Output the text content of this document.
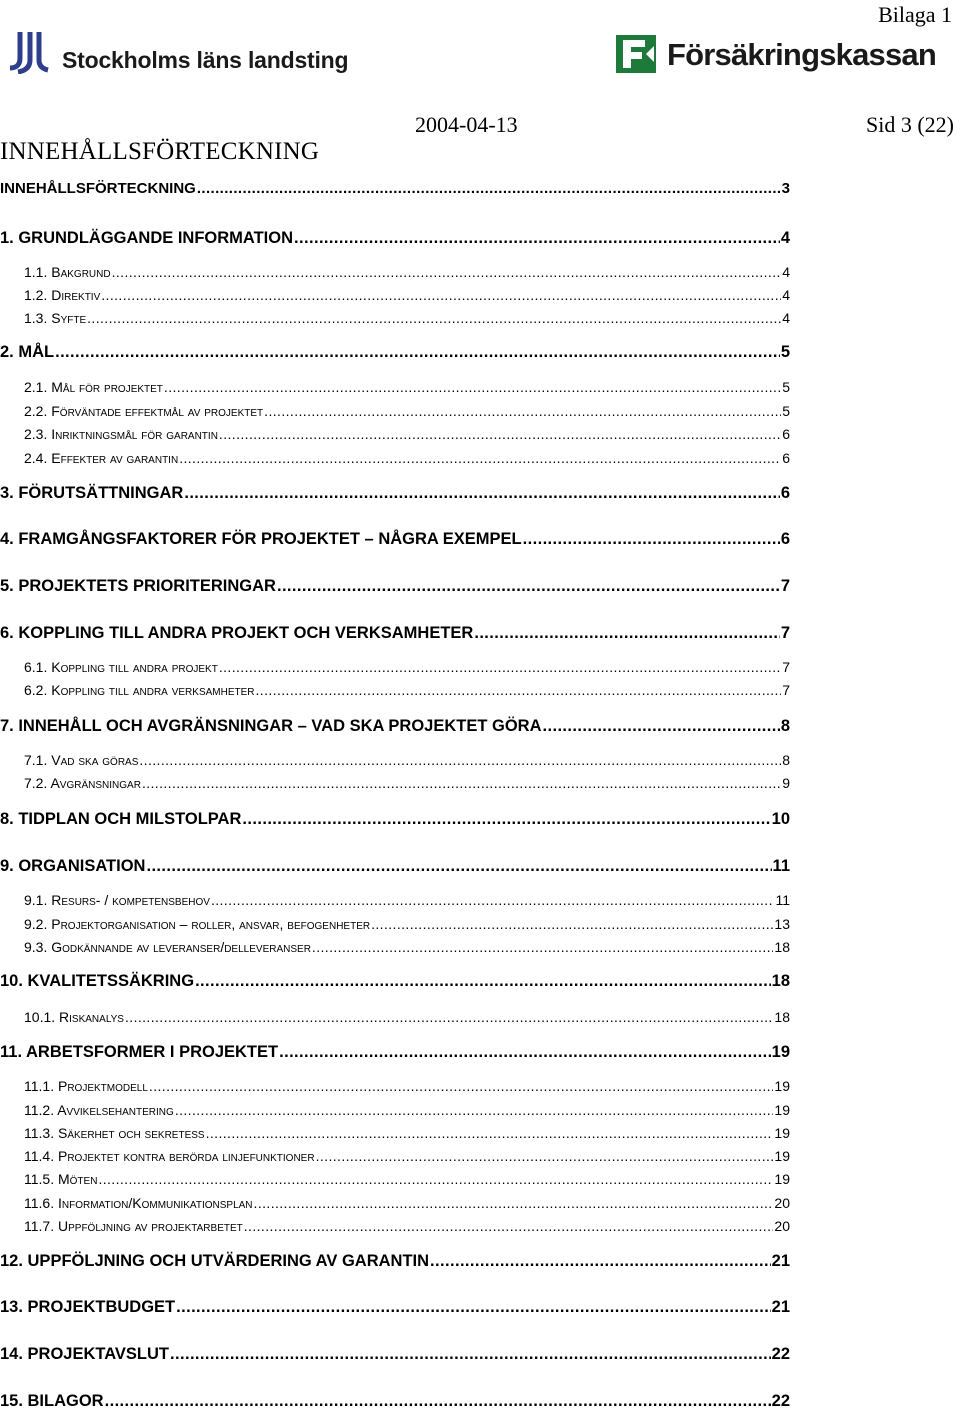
Bilaga 1
Stockholms läns landsting	Försäkringskassan
2004-04-13	Sid 3 (22)
INNEHÅLLSFÖRTECKNING
INNEHÅLLSFÖRTECKNING .....	3
1. GRUNDLÄGGANDE INFORMATION .....	4
1.1. Bakgrund .....	4
1.2. Direktiv .....	4
1.3. Syfte .....	4
2. MÅL .....	5
2.1. Mål för projektet .....	5
2.2. Förväntade effektmål av projektet .....	5
2.3. Inriktningsmål för garantin .....	6
2.4. Effekter av garantin .....	6
3. FÖRUTSÄTTNINGAR .....	6
4. FRAMGÅNGSFAKTORER FÖR PROJEKTET – NÅGRA EXEMPEL .....	6
5. PROJEKTETS PRIORITERINGAR .....	7
6. KOPPLING TILL ANDRA PROJEKT OCH VERKSAMHETER .....	7
6.1. Koppling till andra projekt .....	7
6.2. Koppling till andra verksamheter .....	7
7. INNEHÅLL OCH AVGRÄNSNINGAR – VAD SKA PROJEKTET GÖRA .....	8
7.1. Vad ska göras .....	8
7.2. Avgränsningar .....	9
8. TIDPLAN OCH MILSTOLPAR .....	10
9. ORGANISATION .....	11
9.1. Resurs- / kompetensbehov .....	11
9.2. Projektorganisation – roller, ansvar, befogenheter .....	13
9.3. Godkännande av leveranser/delleveranser .....	18
10. KVALITETSSÄKRING .....	18
10.1. Riskanalys .....	18
11. ARBETSFORMER I PROJEKTET .....	19
11.1. Projektmodell .....	19
11.2. Avvikelsehantering .....	19
11.3. Säkerhet och sekretess .....	19
11.4. Projektet kontra berörda linjefunktioner .....	19
11.5. Möten .....	19
11.6. Information/Kommunikationsplan .....	20
11.7. Uppföljning av projektarbetet .....	20
12. UPPFÖLJNING OCH UTVÄRDERING AV GARANTIN .....	21
13. PROJEKTBUDGET .....	21
14. PROJEKTAVSLUT .....	22
15. BILAGOR .....	22
